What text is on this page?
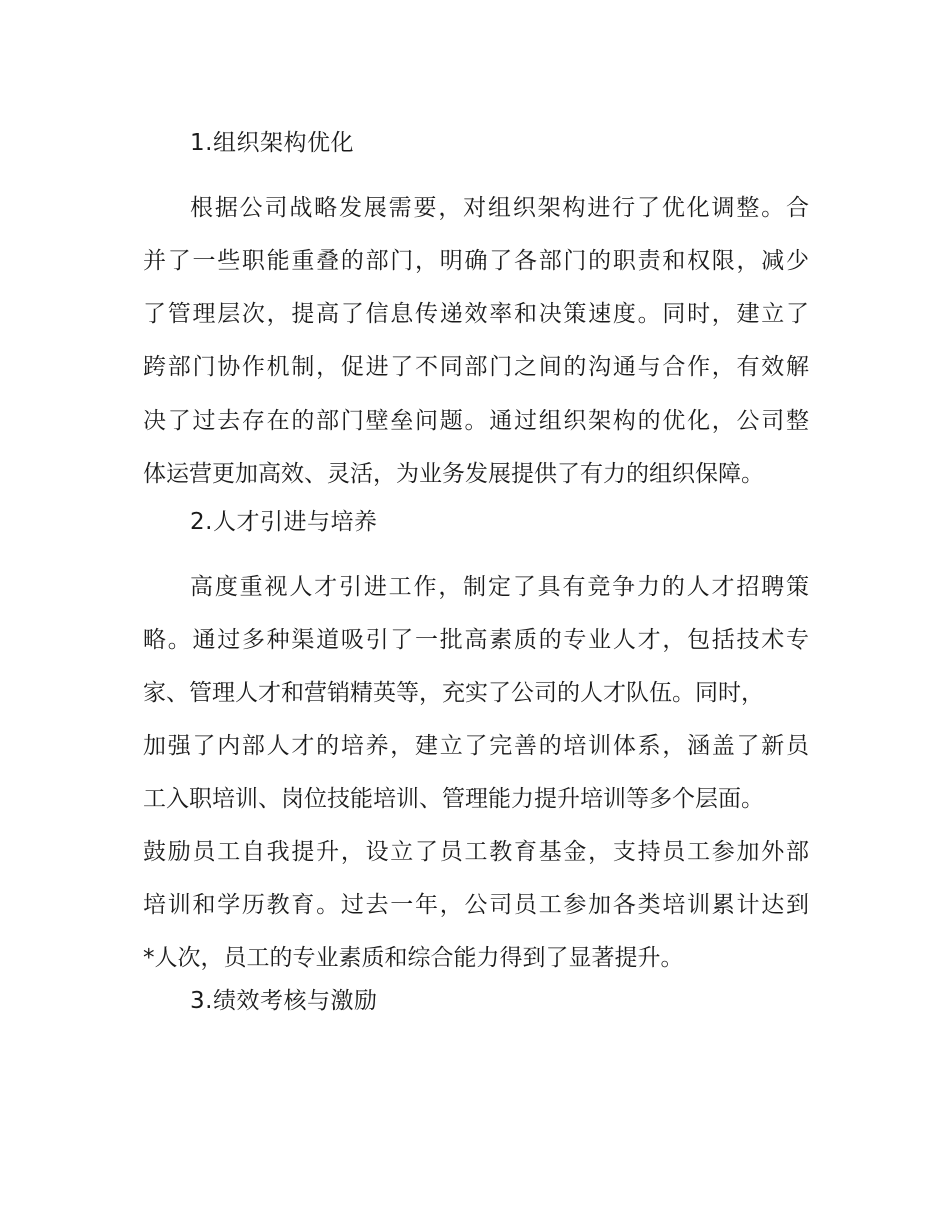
1.组织架构优化
根据公司战略发展需要，对组织架构进行了优化调整。合
并了一些职能重叠的部门，明确了各部门的职责和权限，减少
了管理层次，提高了信息传递效率和决策速度。同时，建立了
跨部门协作机制，促进了不同部门之间的沟通与合作，有效解
决了过去存在的部门壁垒问题。通过组织架构的优化，公司整
体运营更加高效、灵活，为业务发展提供了有力的组织保障。
2.人才引进与培养
高度重视人才引进工作，制定了具有竞争力的人才招聘策
略。通过多种渠道吸引了一批高素质的专业人才，包括技术专
家、管理人才和营销精英等，充实了公司的人才队伍。同时，
加强了内部人才的培养，建立了完善的培训体系，涵盖了新员
工入职培训、岗位技能培训、管理能力提升培训等多个层面。
鼓励员工自我提升，设立了员工教育基金，支持员工参加外部
培训和学历教育。过去一年，公司员工参加各类培训累计达到
*人次，员工的专业素质和综合能力得到了显著提升。
3.绩效考核与激励
